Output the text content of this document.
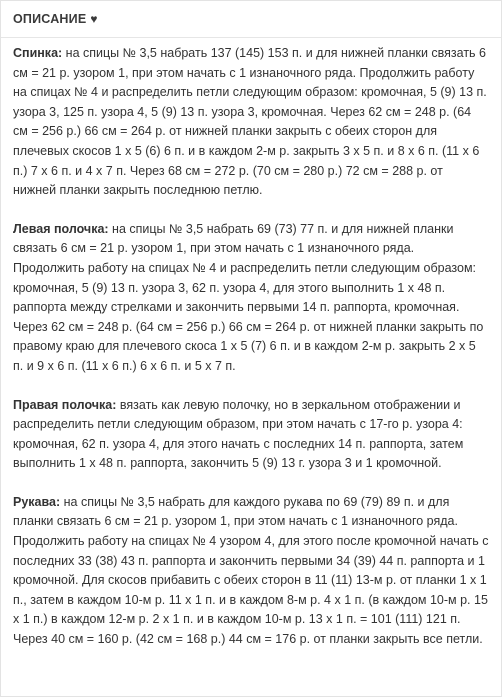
ОПИСАНИЕ ♥

Спинка: на спицы № 3,5 набрать 137 (145) 153 п. и для нижней планки связать 6 см = 21 р. узором 1, при этом начать с 1 изнаночного ряда. Продолжить работу на спицах № 4 и распределить петли следующим образом: кромочная, 5 (9) 13 п. узора 3, 125 п. узора 4, 5 (9) 13 п. узора 3, кромочная. Через 62 см = 248 р. (64 см = 256 р.) 66 см = 264 р. от нижней планки закрыть с обеих сторон для плечевых скосов 1 х 5 (6) 6 п. и в каждом 2-м р. закрыть 3 х 5 п. и 8 х 6 п. (11 х 6 п.) 7 х 6 п. и 4 х 7 п. Через 68 см = 272 р. (70 см = 280 р.) 72 см = 288 р. от нижней планки закрыть последнюю петлю.

Левая полочка: на спицы № 3,5 набрать 69 (73) 77 п. и для нижней планки связать 6 см = 21 р. узором 1, при этом начать с 1 изнаночного ряда. Продолжить работу на спицах № 4 и распределить петли следующим образом: кромочная, 5 (9) 13 п. узора 3, 62 п. узора 4, для этого выполнить 1 х 48 п. раппорта между стрелками и закончить первыми 14 п. раппорта, кромочная. Через 62 см = 248 р. (64 см = 256 р.) 66 см = 264 р. от нижней планки закрыть по правому краю для плечевого скоса 1 х 5 (7) 6 п. и в каждом 2-м р. закрыть 2 х 5 п. и 9 х 6 п. (11 х 6 п.) 6 х 6 п. и 5 х 7 п.

Правая полочка: вязать как левую полочку, но в зеркальном отображении и распределить петли следующим образом, при этом начать с 17-го р. узора 4: кромочная, 62 п. узора 4, для этого начать с последних 14 п. раппорта, затем выполнить 1 х 48 п. раппорта, закончить 5 (9) 13 г. узора 3 и 1 кромочной.

Рукава: на спицы № 3,5 набрать для каждого рукава по 69 (79) 89 п. и для планки связать 6 см = 21 р. узором 1, при этом начать с 1 изнаночного ряда. Продолжить работу на спицах № 4 узором 4, для этого после кромочной начать с последних 33 (38) 43 п. раппорта и закончить первыми 34 (39) 44 п. раппорта и 1 кромочной. Для скосов прибавить с обеих сторон в 11 (11) 13-м р. от планки 1 х 1 п., затем в каждом 10-м р. 11 х 1 п. и в каждом 8-м р. 4 х 1 п. (в каждом 10-м р. 15 х 1 п.) в каждом 12-м р. 2 х 1 п. и в каждом 10-м р. 13 х 1 п. = 101 (111) 121 п. Через 40 см = 160 р. (42 см = 168 р.) 44 см = 176 р. от планки закрыть все петли.
